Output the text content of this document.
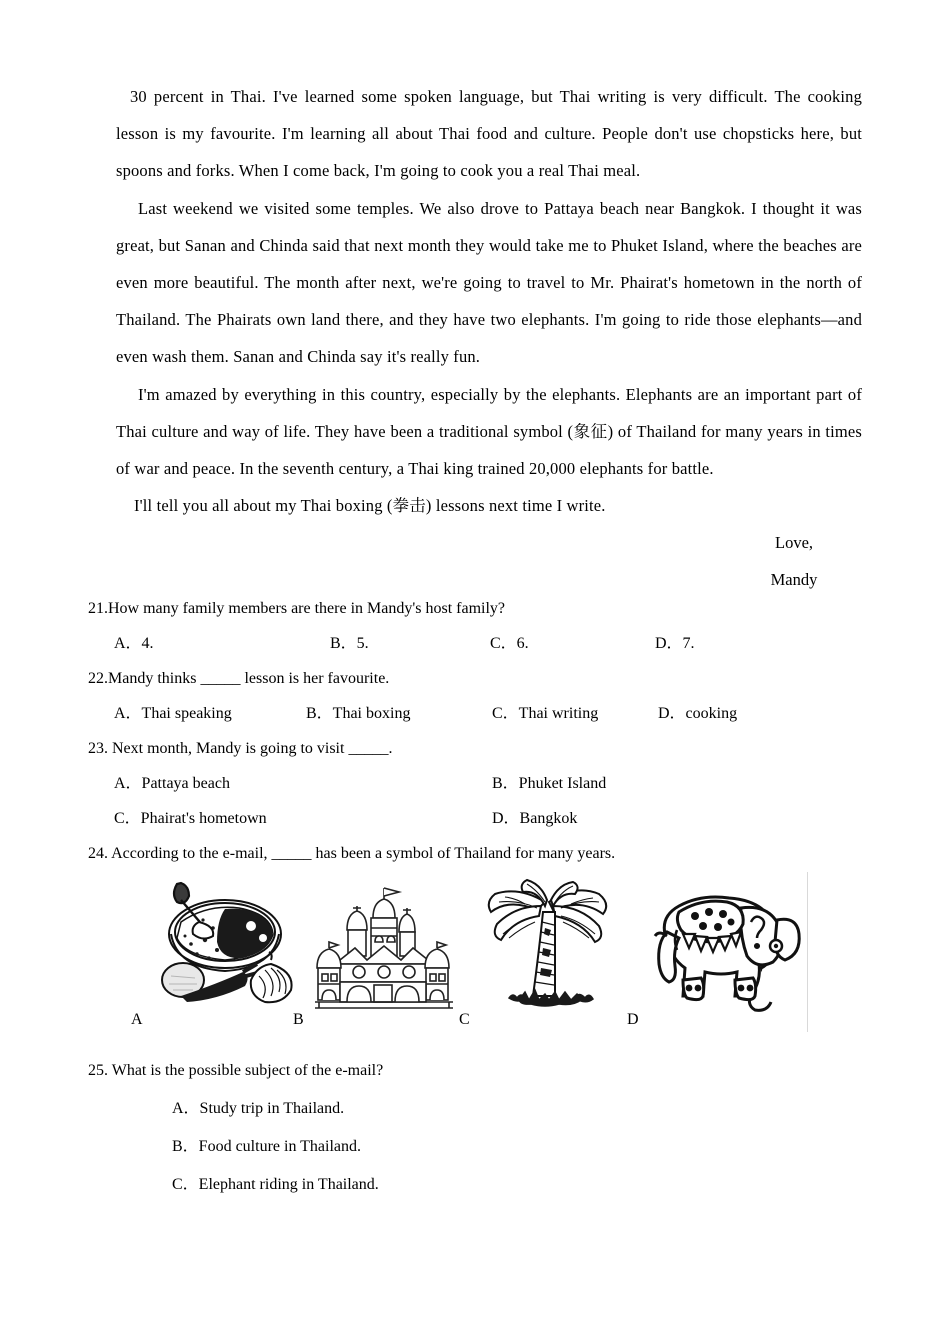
30 percent in Thai. I've learned some spoken language, but Thai writing is very difficult. The cooking lesson is my favourite. I'm learning all about Thai food and culture. People don't use chopsticks here, but spoons and forks. When I come back, I'm going to cook you a real Thai meal.

Last weekend we visited some temples. We also drove to Pattaya beach near Bangkok. I thought it was great, but Sanan and Chinda said that next month they would take me to Phuket Island, where the beaches are even more beautiful. The month after next, we're going to travel to Mr. Phairat's hometown in the north of Thailand. The Phairats own land there, and they have two elephants. I'm going to ride those elephants—and even wash them. Sanan and Chinda say it's really fun.

I'm amazed by everything in this country, especially by the elephants. Elephants are an important part of Thai culture and way of life. They have been a traditional symbol (象征) of Thailand for many years in times of war and peace. In the seventh century, a Thai king trained 20,000 elephants for battle.

I'll tell you all about my Thai boxing (拳击) lessons next time I write.

Love,
Mandy

21.How many family members are there in Mandy's host family?

A．4.	B．5.	C．6.	D．7.

22.Mandy thinks _____ lesson is her favourite.

A．Thai speaking	B．Thai boxing	C．Thai writing	D．cooking

23. Next month, Mandy is going to visit _____.

A．Pattaya beach	B．Phuket Island
C．Phairat's hometown	D．Bangkok

24. According to the e-mail, _____ has been a symbol of Thailand for many years.

A	B	C	D

25. What is the possible subject of the e-mail?

A．Study trip in Thailand.

B．Food culture in Thailand.

C．Elephant riding in Thailand.
